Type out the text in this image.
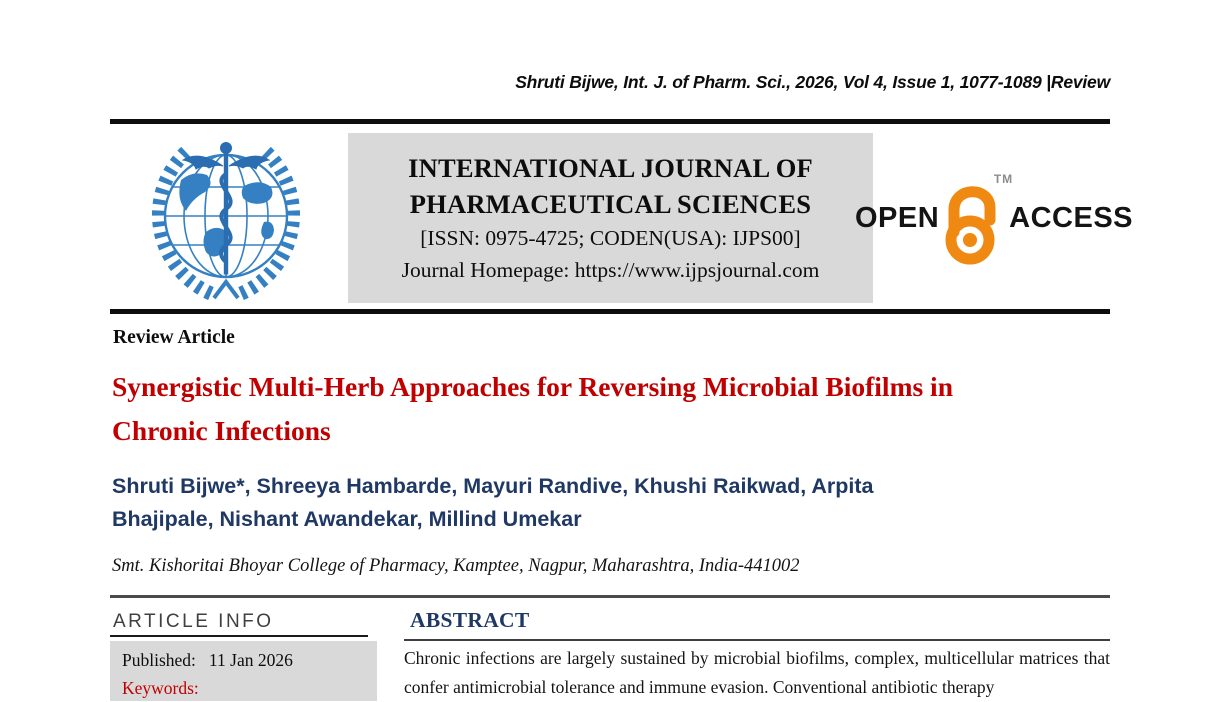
Shruti Bijwe, Int. J. of Pharm. Sci., 2026, Vol 4, Issue 1, 1077-1089 |Review
INTERNATIONAL JOURNAL OF
PHARMACEUTICAL SCIENCES
[ISSN: 0975-4725; CODEN(USA): IJPS00]
Journal Homepage: https://www.ijpsjournal.com
OPEN
TM
ACCESS
Review Article
Synergistic Multi-Herb Approaches for Reversing Microbial Biofilms in
Chronic Infections
Shruti Bijwe*, Shreeya Hambarde, Mayuri Randive, Khushi Raikwad, Arpita
Bhajipale, Nishant Awandekar, Millind Umekar
Smt. Kishoritai Bhoyar College of Pharmacy, Kamptee, Nagpur, Maharashtra, India-441002
ARTICLE INFO
Published: 11 Jan 2026
Keywords:
ABSTRACT
Chronic infections are largely sustained by microbial biofilms, complex, multicellular matrices that confer antimicrobial tolerance and immune evasion. Conventional antibiotic therapy
